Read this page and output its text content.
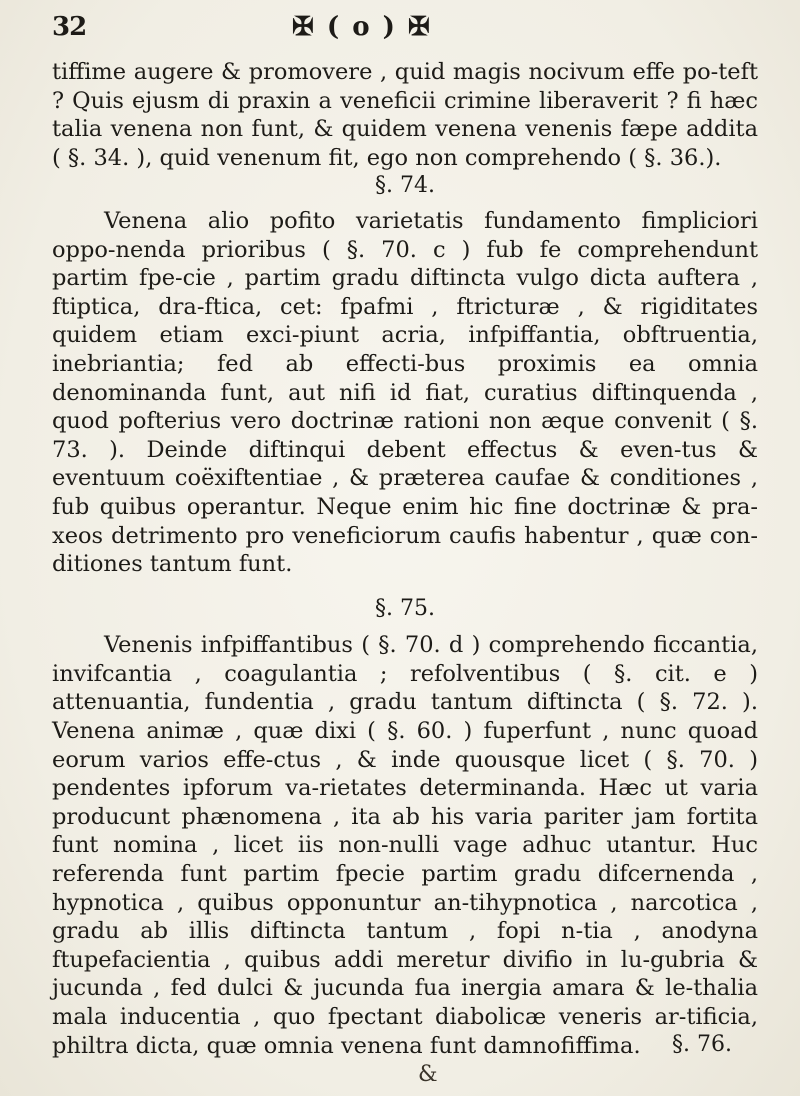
32	✠ ( o ) ✠

tiffime augere & promovere , quid magis nocivum effe po-teft ? Quis ejusm di praxin a veneficii crimine liberaverit ? fi hæc talia venena non funt, & quidem venena venenis fæpe addita ( §. 34. ), quid venenum fit, ego non comprehendo ( §. 36.).

§. 74.

Venena alio pofito varietatis fundamento fimpliciori oppo-nenda prioribus ( §. 70. c ) fub fe comprehendunt partim fpe-cie , partim gradu diftincta vulgo dicta auftera , ftiptica, dra-ftica, cet: fpafmi , ftricturæ , & rigiditates quidem etiam exci-piunt acria, infpiffantia, obftruentia, inebriantia; fed ab effecti-bus proximis ea omnia denominanda funt, aut nifi id fiat, curatius diftinquenda , quod pofterius vero doctrinæ rationi non æque convenit ( §. 73. ). Deinde diftinqui debent effectus & even-tus & eventuum coëxiftentiae , & præterea caufae & conditiones , fub quibus operantur. Neque enim hic fine doctrinæ & pra-xeos detrimento pro veneficiorum caufis habentur , quæ con-ditiones tantum funt.

§. 75.

Venenis infpiffantibus ( §. 70. d ) comprehendo ficcantia, invifcantia , coagulantia ; refolventibus ( §. cit. e ) attenuantia, fundentia , gradu tantum diftincta ( §. 72. ). Venena animæ , quæ dixi ( §. 60. ) fuperfunt , nunc quoad eorum varios effe-ctus , & inde quousque licet ( §. 70. ) pendentes ipforum va-rietates determinanda. Hæc ut varia producunt phænomena , ita ab his varia pariter jam fortita funt nomina , licet iis non-nulli vage adhuc utantur. Huc referenda funt partim fpecie partim gradu difcernenda , hypnotica , quibus opponuntur an-tihypnotica , narcotica , gradu ab illis diftincta tantum , fopi n-tia , anodyna ftupefacientia , quibus addi meretur divifio in lu-gubria & jucunda , fed dulci & jucunda fua inergia amara & le-thalia mala inducentia , quo fpectant diabolicæ veneris ar-tificia, philtra dicta, quæ omnia venena funt damnofiffima.	§. 76.
&
